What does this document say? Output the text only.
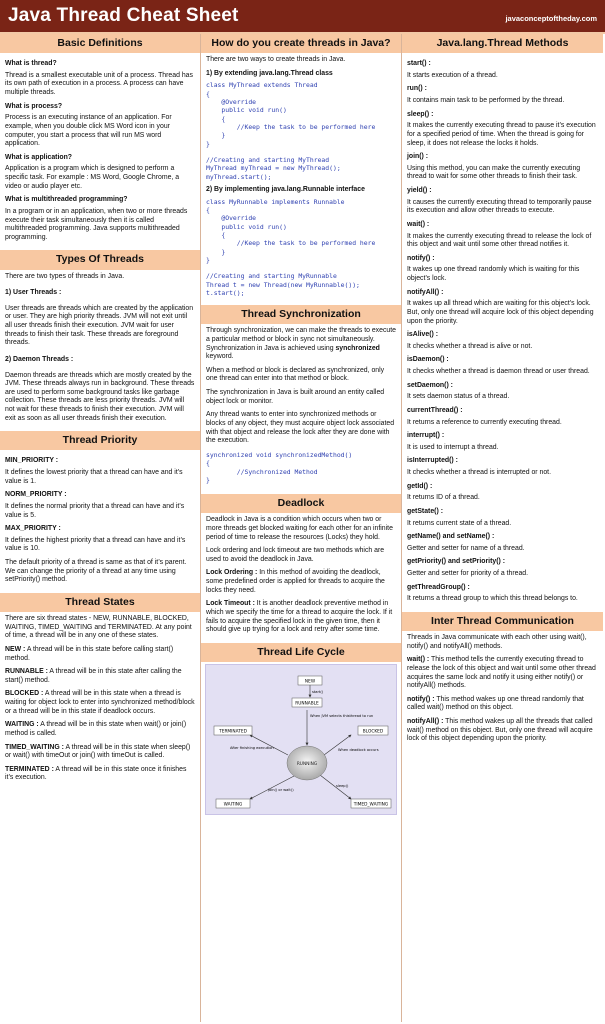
Java Thread Cheat Sheet	javaconceptoftheday.com
Basic Definitions
What is thread?

Thread is a smallest executable unit of a process. Thread has its own path of execution in a process. A process can have multiple threads.

What is process?

Process is an executing instance of an application. For example, when you double click MS Word icon in your computer, you start a process that will run MS word application.

What is application?

Application is a program which is designed to perform a specific task. For example : MS Word, Google Chrome, a video or audio player etc.

What is multithreaded programming?

In a program or in an application, when two or more threads execute their task simultaneously then it is called multithreaded programming. Java supports multithreaded programming.

Types Of Threads

There are two types of threads in Java.

1) User Threads :

User threads are threads which are created by the application or user. They are high priority threads. JVM will not exit until all user threads finish their execution. JVM wait for user threads to finish their task. These threads are foreground threads.

2) Daemon Threads :

Daemon threads are threads which are mostly created by the JVM. These threads always run in background. These threads are used to perform some background tasks like garbage collection. These threads are less priority threads. JVM will not wait for these threads to finish their execution. JVM will exit as soon as all user threads finish their execution.

Thread Priority
MIN_PRIORITY :

It defines the lowest priority that a thread can have and it’s value is 1.

NORM_PRIORITY :

It defines the normal priority that a thread can have and it’s value is 5.

MAX_PRIORITY :

It defines the highest priority that a thread can have and it’s value is 10.

The default priority of a thread is same as that of it’s parent. We can change the priority of a thread at any time using setPriority() method.

Thread States

There are six thread states - NEW, RUNNABLE, BLOCKED, WAITING, TIMED_WAITING and TERMINATED. At any point of time, a thread will be in any one of these states.

NEW : A thread will be in this state before calling start() method.

RUNNABLE : A thread will be in this state after calling the start() method.

BLOCKED : A thread will be in this state when a thread is waiting for object lock to enter into synchronized method/block or a thread will be in this state if deadlock occurs.

WAITING : A thread will be in this state when wait() or join() method is called.

TIMED_WAITING : A thread will be in this state when sleep() or wait() with timeOut or join() with timeOut is called.

TERMINATED : A thread will be in this state once it finishes it’s execution.

How do you create threads in Java?

There are two ways to create threads in Java.

1) By extending java.lang.Thread class
class MyThread extends Thread
{
@Override
public void run()
{
//Keep the task to be performed here
}
}
//Creating and starting MyThread
MyThread myThread = new MyThread();
myThread.start();
2) By implementing java.lang.Runnable interface
class MyRunnable implements Runnable
{
@Override
public void run()
{
//Keep the task to be performed here
}
}
//Creating and starting MyRunnable
Thread t = new Thread(new MyRunnable());
t.start();
Thread Synchronization

Through synchronization, we can make the threads to execute a particular method or block in sync not simultaneously. Synchronization in Java is achieved using synchronized keyword.

When a method or block is declared as synchronized, only one thread can enter into that method or block.

The synchronization in Java is built around an entity called object lock or monitor.

Any thread wants to enter into synchronized methods or blocks of any object, they must acquire object lock associated with that object and release the lock after they are done with the execution.

synchronized void synchronizedMethod()
{
//Synchronized Method
}
Deadlock

Deadlock in Java is a condition which occurs when two or more threads get blocked waiting for each other for an infinite period of time to release the resources (Locks) they hold.

Lock ordering and lock timeout are two methods which are used to avoid the deadlock in Java.

Lock Ordering : In this method of avoiding the deadlock, some predefined order is applied for threads to acquire the locks they need.

Lock Timeout : It is another deadlock preventive method in which we specify the time for a thread to acquire the lock. If it fails to acquire the specified lock in the given time, then it should give up trying for a lock and retry after some time.

Thread Life Cycle
NEW
RUNNABLE
RUNNING
BLOCKED
TERMINATED
WAITING	TIMED_WAITING
start()
When JVM selects thisthread to run
When deadlock occurs
After finishing execution
join() or wait()
sleep()
Java.lang.Thread Methods
start() :

It starts execution of a thread.

run() :

It contains main task to be performed by the thread.

sleep() :

It makes the currently executing thread to pause it’s execution for a specified period of time. When the thread is going for sleep, it does not release the locks it holds.

join() :

Using this method, you can make the currently executing thread to wait for some other threads to finish their task.

yield() :

It causes the currently executing thread to temporarily pause its execution and allow other threads to execute.

wait() :

It makes the currently executing thread to release the lock of this object and wait until some other thread notifies it.

notify() :

It wakes up one thread randomly which is waiting for this object’s lock.

notifyAll() :

It wakes up all thread which are waiting for this object’s lock. But, only one thread will acquire lock of this object depending upon the priority.

isAlive() :

It checks whether a thread is alive or not.

isDaemon() :

It checks whether a thread is daemon thread or user thread.

setDaemon() :

It sets daemon status of a thread.

currentThread() :

It returns a reference to currently executing thread.

interrupt() :

It is used to interrupt a thread.

isInterrupted() :

It checks whether a thread is interrupted or not.

getId() :

It returns ID of a thread.

getState() :

It returns current state of a thread.

getName() and setName() :

Getter and setter for name of a thread.

getPriority() and setPriority() :

Getter and setter for priority of a thread.

getThreadGroup() :

It returns a thread group to which this thread belongs to.

Inter Thread Communication

Threads in Java communicate with each other using wait(), notify() and notifyAll() methods.

wait() : This method tells the currently executing thread to release the lock of this object and wait until some other thread acquires the same lock and notify it using either notify() or notifyAll() methods.

notify() : This method wakes up one thread randomly that called wait() method on this object.

notifyAll() : This method wakes up all the threads that called wait() method on this object. But, only one thread will acquire lock of this object depending upon the priority.
